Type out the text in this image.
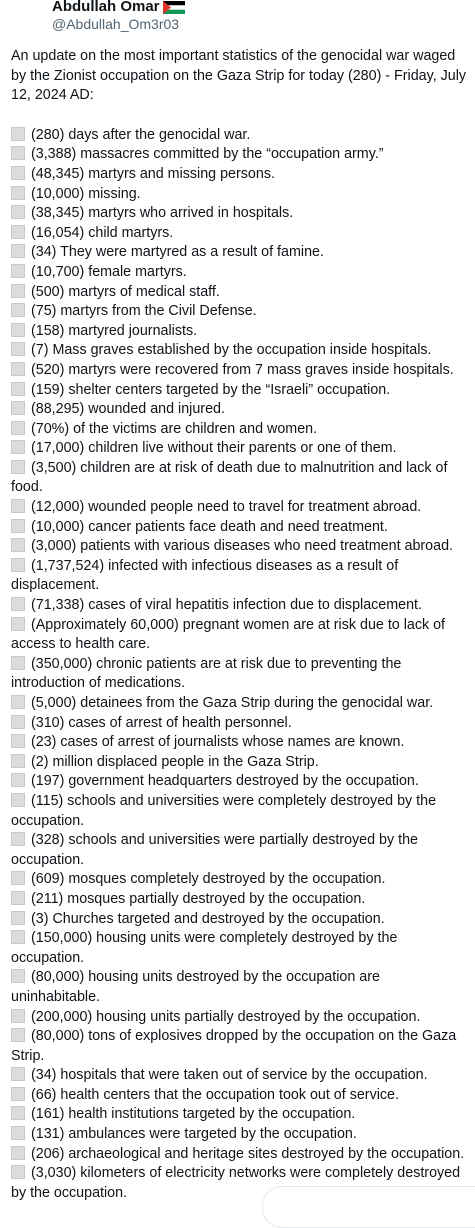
Abdullah Omar
@Abdullah_Om3r03

An update on the most important statistics of the genocidal war waged by the Zionist occupation on the Gaza Strip for today (280) - Friday, July 12, 2024 AD:

(280) days after the genocidal war.
(3,388) massacres committed by the “occupation army.”
(48,345) martyrs and missing persons.
(10,000) missing.
(38,345) martyrs who arrived in hospitals.
(16,054) child martyrs.
(34) They were martyred as a result of famine.
(10,700) female martyrs.
(500) martyrs of medical staff.
(75) martyrs from the Civil Defense.
(158) martyred journalists.
(7) Mass graves established by the occupation inside hospitals.
(520) martyrs were recovered from 7 mass graves inside hospitals.
(159) shelter centers targeted by the “Israeli” occupation.
(88,295) wounded and injured.
(70%) of the victims are children and women.
(17,000) children live without their parents or one of them.
(3,500) children are at risk of death due to malnutrition and lack of food.
(12,000) wounded people need to travel for treatment abroad.
(10,000) cancer patients face death and need treatment.
(3,000) patients with various diseases who need treatment abroad.
(1,737,524) infected with infectious diseases as a result of displacement.
(71,338) cases of viral hepatitis infection due to displacement.
(Approximately 60,000) pregnant women are at risk due to lack of access to health care.
(350,000) chronic patients are at risk due to preventing the introduction of medications.
(5,000) detainees from the Gaza Strip during the genocidal war.
(310) cases of arrest of health personnel.
(23) cases of arrest of journalists whose names are known.
(2) million displaced people in the Gaza Strip.
(197) government headquarters destroyed by the occupation.
(115) schools and universities were completely destroyed by the occupation.
(328) schools and universities were partially destroyed by the occupation.
(609) mosques completely destroyed by the occupation.
(211) mosques partially destroyed by the occupation.
(3) Churches targeted and destroyed by the occupation.
(150,000) housing units were completely destroyed by the occupation.
(80,000) housing units destroyed by the occupation are uninhabitable.
(200,000) housing units partially destroyed by the occupation.
(80,000) tons of explosives dropped by the occupation on the Gaza Strip.
(34) hospitals that were taken out of service by the occupation.
(66) health centers that the occupation took out of service.
(161) health institutions targeted by the occupation.
(131) ambulances were targeted by the occupation.
(206) archaeological and heritage sites destroyed by the occupation.
(3,030) kilometers of electricity networks were completely destroyed by the occupation.
